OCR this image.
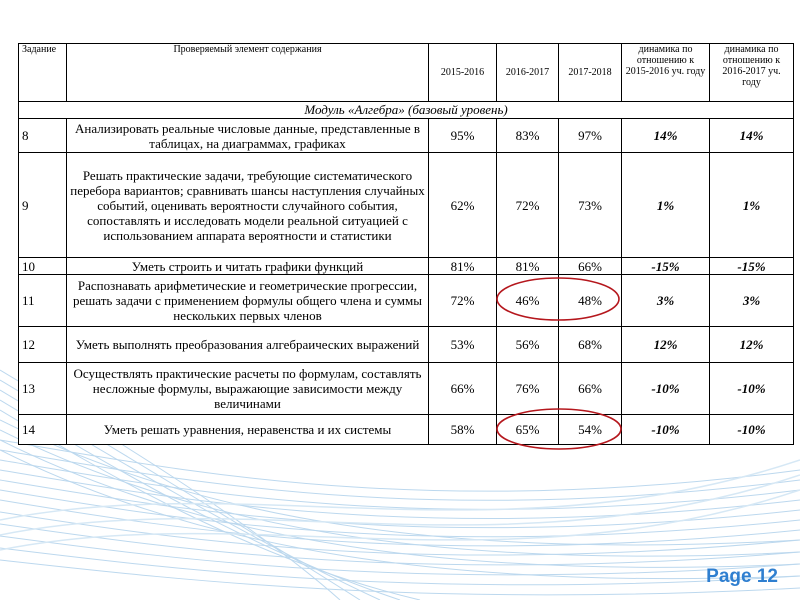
Задание	Проверяемый элемент содержания	2015-2016	2016-2017	2017-2018	динамика по отношению к 2015-2016 уч. году	динамика по отношению к 2016-2017 уч. году
Модуль «Алгебра» (базовый уровень)						
8	Анализировать реальные числовые данные, представленные в таблицах, на диаграммах, графиках	95%	83%	97%	14%	14%
9	Решать практические задачи, требующие систематического перебора вариантов; сравнивать шансы наступления случайных событий, оценивать вероятности случайного события, сопоставлять и исследовать модели реальной ситуацией с использованием аппарата вероятности и статистики	62%	72%	73%	1%	1%
10	Уметь строить и читать графики функций	81%	81%	66%	-15%	-15%
11	Распознавать арифметические и геометрические прогрессии, решать задачи с применением формулы общего члена и суммы нескольких первых членов	72%	46%	48%	3%	3%
12	Уметь выполнять преобразования алгебраических выражений	53%	56%	68%	12%	12%
13	Осуществлять практические расчеты по формулам, составлять несложные формулы, выражающие зависимости между величинами	66%	76%	66%	-10%	-10%
14	Уметь решать уравнения, неравенства и их системы	58%	65%	54%	-10%	-10%
Page 12
